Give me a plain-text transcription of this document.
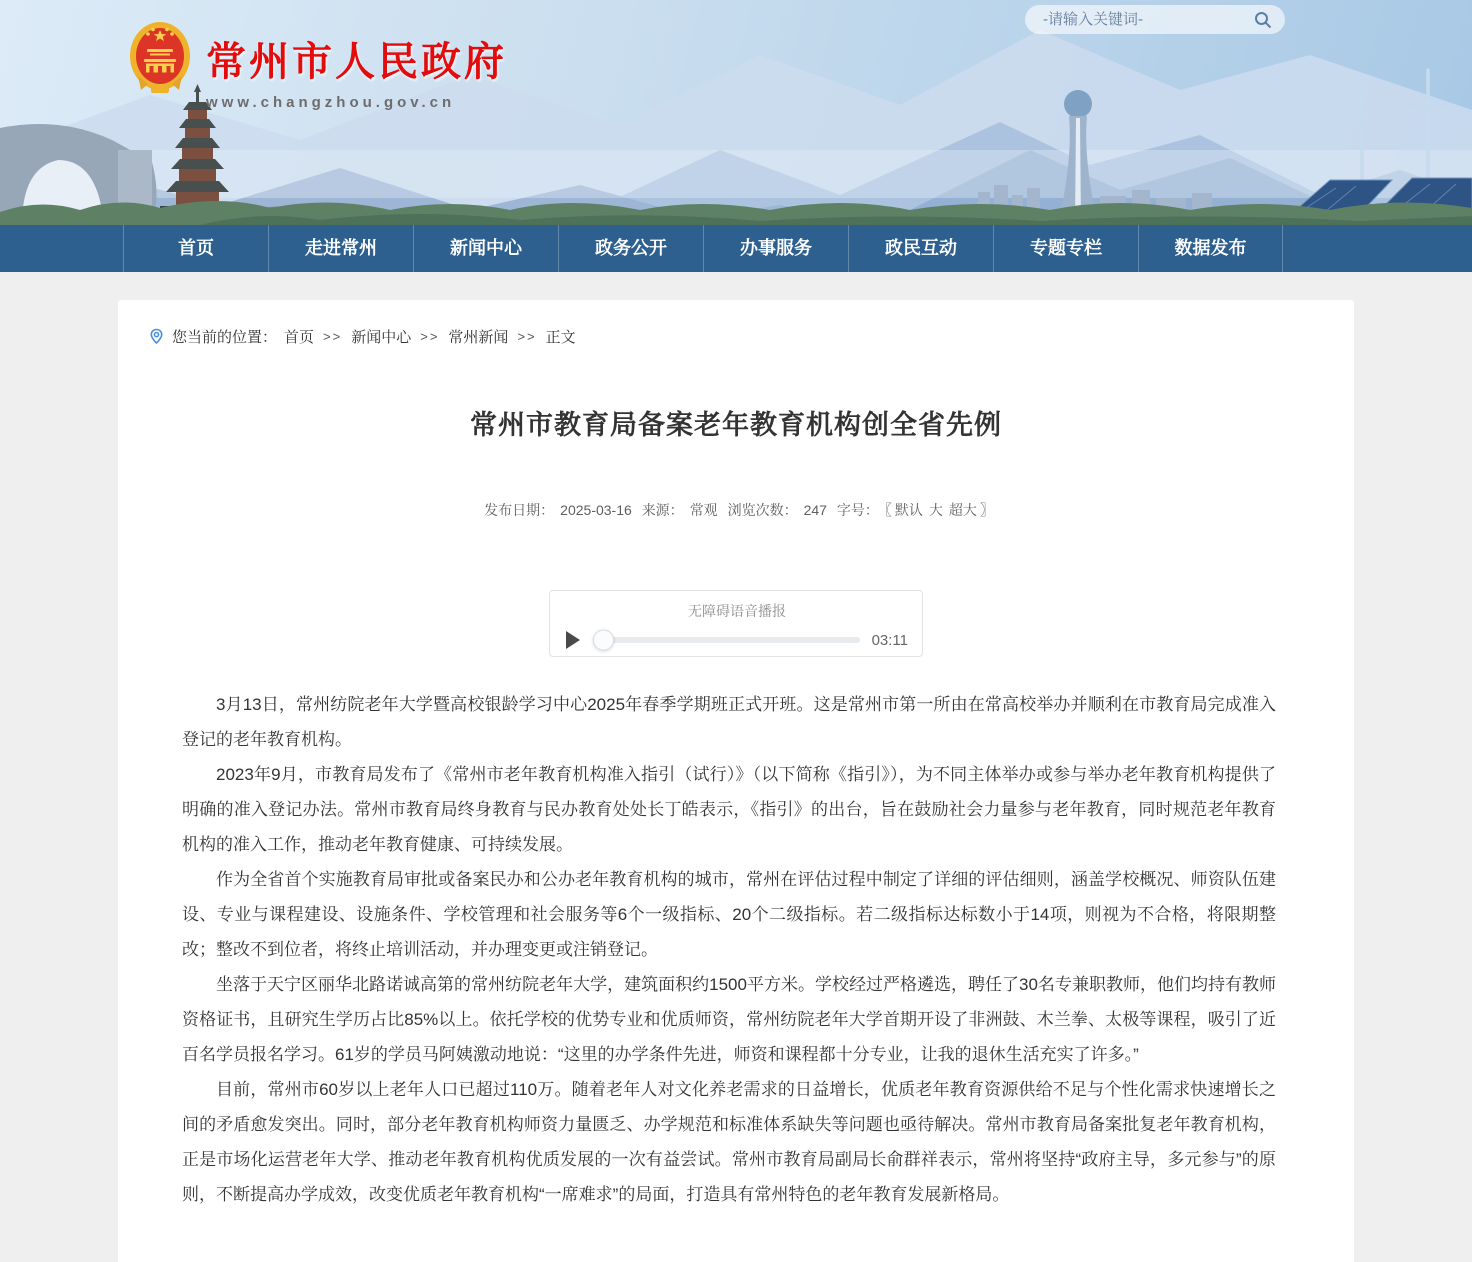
常州市人民政府
www.changzhou.gov.cn
-请输入关键词-
首页	走进常州	新闻中心	政务公开	办事服务	政民互动	专题专栏	数据发布
您当前的位置： 首页 >> 新闻中心 >> 常州新闻 >> 正文
常州市教育局备案老年教育机构创全省先例
发布日期： 2025-03-16 来源： 常观 浏览次数： 247 字号： 〖 默认 大 超大 〗
无障碍语音播报
03:11

3月13日，常州纺院老年大学暨高校银龄学习中心2025年春季学期班正式开班。这是常州市第一所由在常高校举办并顺利在市教育局完成准入登记的老年教育机构。

2023年9月，市教育局发布了《常州市老年教育机构准入指引（试行）》（以下简称《指引》），为不同主体举办或参与举办老年教育机构提供了明确的准入登记办法。常州市教育局终身教育与民办教育处处长丁皓表示，《指引》的出台，旨在鼓励社会力量参与老年教育，同时规范老年教育机构的准入工作，推动老年教育健康、可持续发展。

作为全省首个实施教育局审批或备案民办和公办老年教育机构的城市，常州在评估过程中制定了详细的评估细则，涵盖学校概况、师资队伍建设、专业与课程建设、设施条件、学校管理和社会服务等6个一级指标、20个二级指标。若二级指标达标数小于14项，则视为不合格，将限期整改；整改不到位者，将终止培训活动，并办理变更或注销登记。

坐落于天宁区丽华北路诺诚高第的常州纺院老年大学，建筑面积约1500平方米。学校经过严格遴选，聘任了30名专兼职教师，他们均持有教师资格证书，且研究生学历占比85%以上。依托学校的优势专业和优质师资，常州纺院老年大学首期开设了非洲鼓、木兰拳、太极等课程，吸引了近百名学员报名学习。61岁的学员马阿姨激动地说：“这里的办学条件先进，师资和课程都十分专业，让我的退休生活充实了许多。”

目前，常州市60岁以上老年人口已超过110万。随着老年人对文化养老需求的日益增长，优质老年教育资源供给不足与个性化需求快速增长之间的矛盾愈发突出。同时，部分老年教育机构师资力量匮乏、办学规范和标准体系缺失等问题也亟待解决。常州市教育局备案批复老年教育机构，正是市场化运营老年大学、推动老年教育机构优质发展的一次有益尝试。常州市教育局副局长俞群祥表示，常州将坚持“政府主导，多元参与”的原则，不断提高办学成效，改变优质老年教育机构“一席难求”的局面，打造具有常州特色的老年教育发展新格局。
